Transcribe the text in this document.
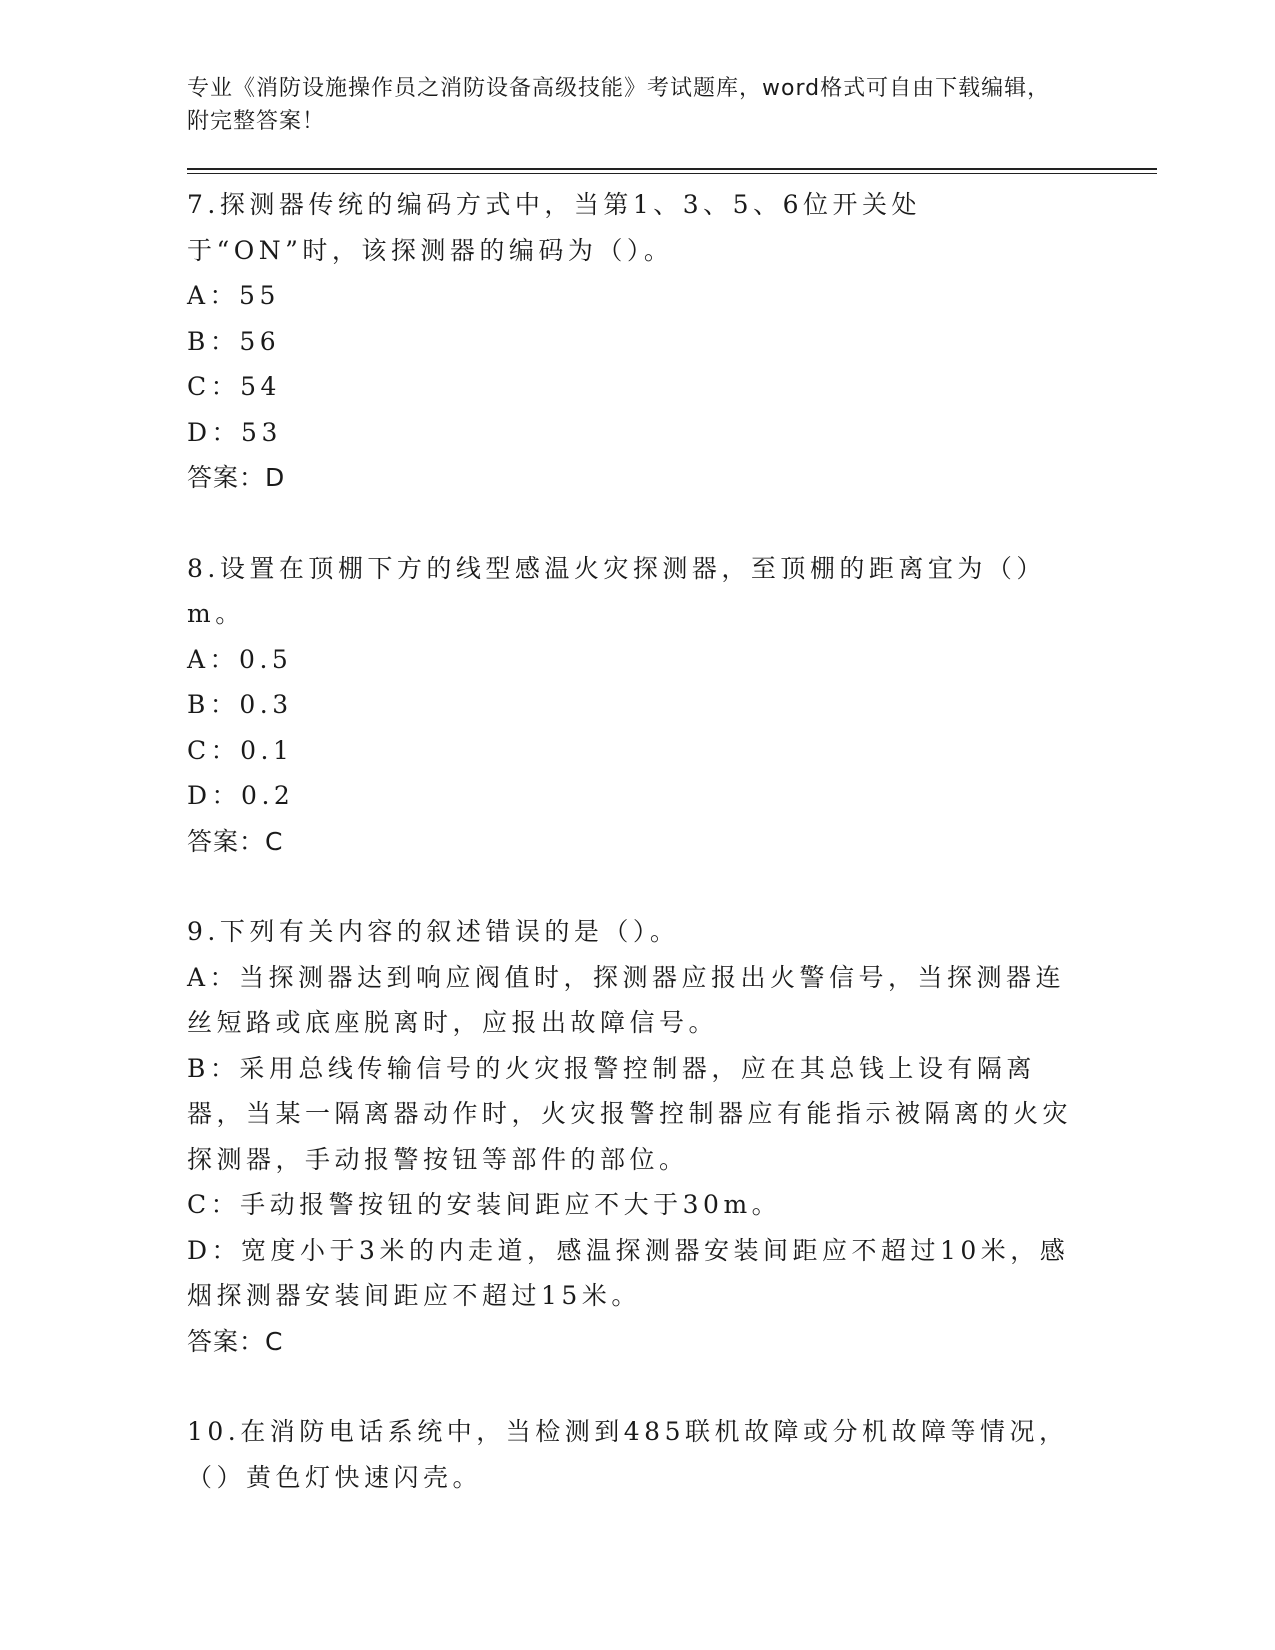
专业《消防设施操作员之消防设备高级技能》考试题库，word格式可自由下载编辑，附完整答案！

7.探测器传统的编码方式中，当第1、3、5、6位开关处于“ON”时，该探测器的编码为（）。

A：55

B：56

C：54

D：53

答案：D

8.设置在顶棚下方的线型感温火灾探测器，至顶棚的距离宜为（）m。

A：0.5

B：0.3

C：0.1

D：0.2

答案：C

9.下列有关内容的叙述错误的是（）。

A：当探测器达到响应阀值时，探测器应报出火警信号，当探测器连丝短路或底座脱离时，应报出故障信号。

B：采用总线传输信号的火灾报警控制器，应在其总钱上设有隔离器，当某一隔离器动作时，火灾报警控制器应有能指示被隔离的火灾探测器，手动报警按钮等部件的部位。

C：手动报警按钮的安装间距应不大于30m。

D：宽度小于3米的内走道，感温探测器安装间距应不超过10米，感烟探测器安装间距应不超过15米。

答案：C

10.在消防电话系统中，当检测到485联机故障或分机故障等情况，（）黄色灯快速闪壳。
